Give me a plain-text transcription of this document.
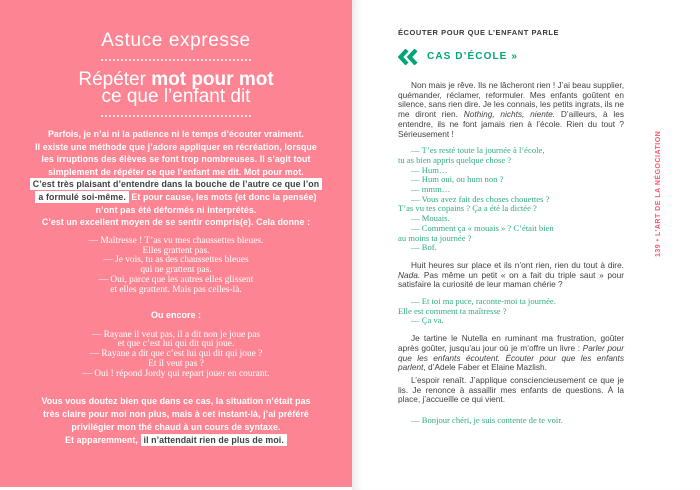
Astuce expresse
Répéter mot pour mot
ce que l’enfant dit
Parfois, je n’ai ni la patience ni le temps d’écouter vraiment.
Il existe une méthode que j’adore appliquer en récréation, lorsque
les irruptions des élèves se font trop nombreuses. Il s’agit tout
simplement de répéter ce que l’enfant me dit. Mot pour mot.
C’est très plaisant d’entendre dans la bouche de l’autre ce que l’on
a formulé soi-même. Et pour cause, les mots (et donc la pensée)
n’ont pas été déformés ni interprétés.
C’est un excellent moyen de se sentir compris(e). Cela donne :
— Maîtresse ! T’as vu mes chaussettes bleues.
Elles grattent pas.
— Je vois, tu as des chaussettes bleues
qui ne grattent pas.
— Oui, parce que les autres elles glissent
et elles grattent. Mais pas celles-là.
Ou encore :
— Rayane il veut pas, il a dit non je joue pas
et que c’est lui qui dit qui joue.
— Rayane a dit que c’est lui qui dit qui joue ?
Et il veut pas ?
— Oui ! répond Jordy qui repart jouer en courant.
Vous vous doutez bien que dans ce cas, la situation n’était pas
très claire pour moi non plus, mais à cet instant-là, j’ai préféré
privilégier mon thé chaud à un cours de syntaxe.
Et apparemment, il n’attendait rien de plus de moi.
ÉCOUTER POUR QUE L’ENFANT PARLE
CAS D’ÉCOLE »

Non mais je rêve. Ils ne lâcheront rien ! J’ai beau supplier, quémander, réclamer, reformuler. Mes enfants goûtent en silence, sans rien dire. Je les connais, les petits ingrats, ils ne me diront rien. Nothing, nichts, niente. D’ailleurs, à les entendre, ils ne font jamais rien à l’école. Rien du tout ? Sérieusement !

— T’es resté toute la journée à l’école,
tu as bien appris quelque chose ?
— Hum…
— Hum oui, ou hum non ?
— mmm…
— Vous avez fait des choses chouettes ?
T’as vu tes copains ? Ça a été la dictée ?
— Mouais.
— Comment ça « mouais » ? C’était bien
au moins ta journée ?
— Bof.

Huit heures sur place et ils n’ont rien, rien du tout à dire. Nada. Pas même un petit « on a fait du triple saut » pour satisfaire la curiosité de leur maman chérie ?

— Et toi ma puce, raconte-moi ta journée.
Elle est comment ta maîtresse ?
— Ça va.

Je tartine le Nutella en ruminant ma frustration, goûter après goûter, jusqu’au jour où je m’offre un livre : Parler pour que les enfants écoutent. Écouter pour que les enfants parlent, d’Adele Faber et Elaine Mazlish.

L’espoir renaît. J’applique consciencieusement ce que je lis. Je renonce à assaillir mes enfants de questions. À la place, j’accueille ce qui vient.

— Bonjour chéri, je suis contente de te voir.
139 • L’ART DE LA NÉGOCIATION
